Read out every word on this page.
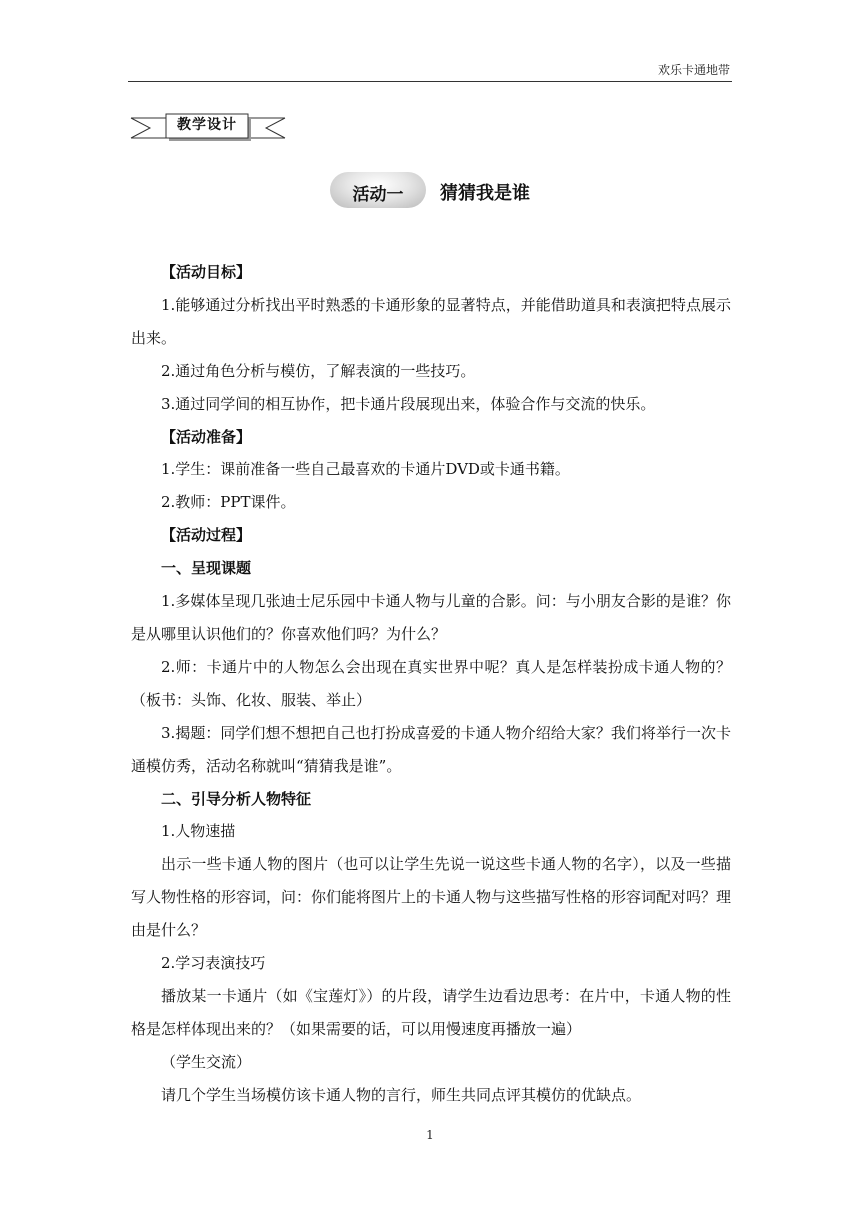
欢乐卡通地带
教学设计
活动一	猜猜我是谁

【活动目标】

1.能够通过分析找出平时熟悉的卡通形象的显著特点，并能借助道具和表演把特点展示出来。

2.通过角色分析与模仿，了解表演的一些技巧。

3.通过同学间的相互协作，把卡通片段展现出来，体验合作与交流的快乐。

【活动准备】

1.学生：课前准备一些自己最喜欢的卡通片DVD或卡通书籍。

2.教师：PPT课件。

【活动过程】

一、呈现课题

1.多媒体呈现几张迪士尼乐园中卡通人物与儿童的合影。问：与小朋友合影的是谁？你是从哪里认识他们的？你喜欢他们吗？为什么？

2.师：卡通片中的人物怎么会出现在真实世界中呢？真人是怎样装扮成卡通人物的？（板书：头饰、化妆、服装、举止）

3.揭题：同学们想不想把自己也打扮成喜爱的卡通人物介绍给大家？我们将举行一次卡通模仿秀，活动名称就叫“猜猜我是谁”。

二、引导分析人物特征

1.人物速描

出示一些卡通人物的图片（也可以让学生先说一说这些卡通人物的名字），以及一些描写人物性格的形容词，问：你们能将图片上的卡通人物与这些描写性格的形容词配对吗？理由是什么？

2.学习表演技巧

播放某一卡通片（如《宝莲灯》）的片段，请学生边看边思考：在片中，卡通人物的性格是怎样体现出来的？（如果需要的话，可以用慢速度再播放一遍）

（学生交流）

请几个学生当场模仿该卡通人物的言行，师生共同点评其模仿的优缺点。

1
